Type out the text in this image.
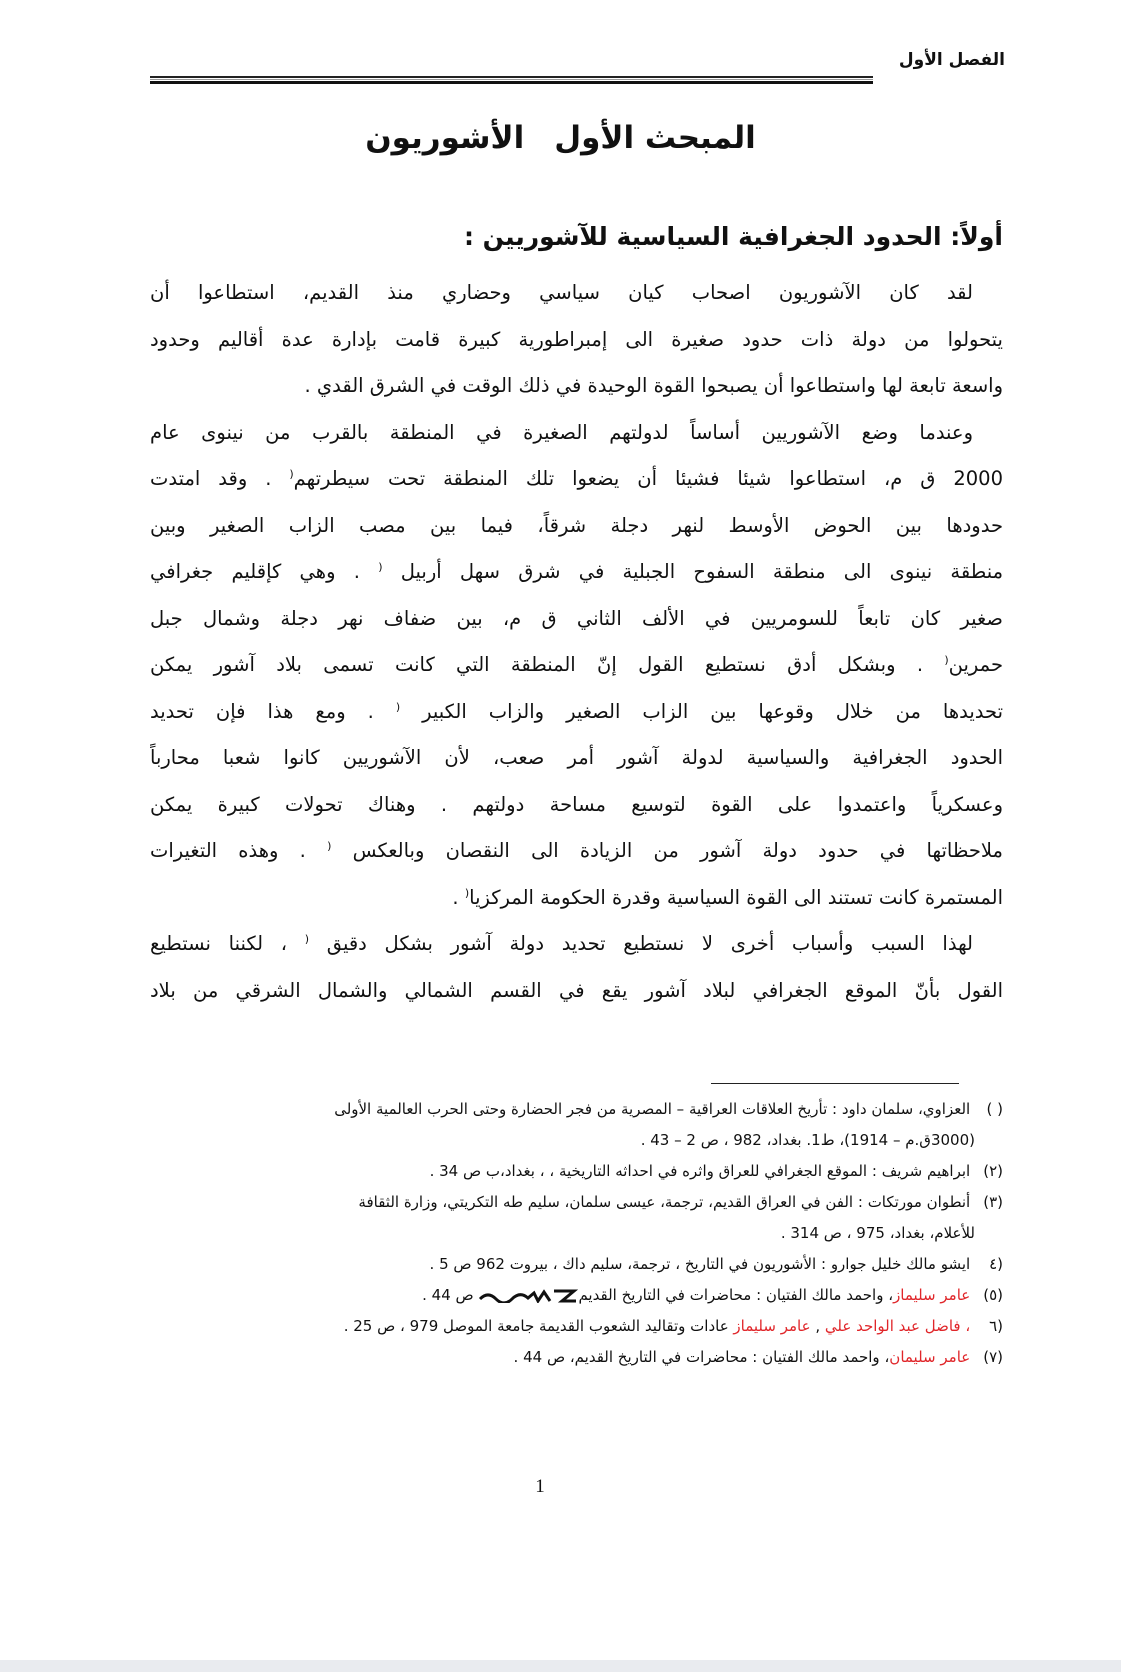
الفصل الأول
المبحث الأولالأشوريون
أولاً: الحدود الجغرافية السياسية للآشوريين :
لقد كان الآشوريون اصحاب كيان سياسي وحضاري منذ القديم، استطاعوا أن
يتحولوا من دولة ذات حدود صغيرة الى إمبراطورية كبيرة قامت بإدارة عدة أقاليم وحدود
واسعة تابعة لها واستطاعوا أن يصبحوا القوة الوحيدة في ذلك الوقت في الشرق القدي .
وعندما وضع الآشوريين أساساً لدولتهم الصغيرة في المنطقة بالقرب من نينوى عام
2000 ق م، استطاعوا شيئا فشيئا أن يضعوا تلك المنطقة تحت سيطرتهم( . وقد امتدت
حدودها بين الحوض الأوسط لنهر دجلة شرقاً، فيما بين مصب الزاب الصغير وبين
منطقة نينوى الى منطقة السفوح الجبلية في شرق سهل أربيل ( . وهي كإقليم جغرافي
صغير كان تابعاً للسومريين في الألف الثاني ق م، بين ضفاف نهر دجلة وشمال جبل
حمرين( . وبشكل أدق نستطيع القول إنّ المنطقة التي كانت تسمى بلاد آشور يمكن
تحديدها من خلال وقوعها بين الزاب الصغير والزاب الكبير ( . ومع هذا فإن تحديد
الحدود الجغرافية والسياسية لدولة آشور أمر صعب، لأن الآشوريين كانوا شعبا محارباً
وعسكرياً واعتمدوا على القوة لتوسيع مساحة دولتهم . وهناك تحولات كبيرة يمكن
ملاحظاتها في حدود دولة آشور من الزيادة الى النقصان وبالعكس ( . وهذه التغيرات
المستمرة كانت تستند الى القوة السياسية وقدرة الحكومة المركزيا( .
لهذا السبب وأسباب أخرى لا نستطيع تحديد دولة آشور بشكل دقيق ( ، لكننا نستطيع
القول بأنّ الموقع الجغرافي لبلاد آشور يقع في القسم الشمالي والشمال الشرقي من بلاد
( ) العزاوي، سلمان داود : تأريخ العلاقات العراقية – المصرية من فجر الحضارة وحتى الحرب العالمية الأولى
(3000ق.م – 1914)، ط1. بغداد، 982 ، ص 2 – 43 .
(٢) ابراهيم شريف : الموقع الجغرافي للعراق واثره في احداثه التاريخية ، ، بغداد،ب ص 34 .
(٣) أنطوان مورتكات : الفن في العراق القديم، ترجمة، عيسى سلمان، سليم طه التكريتي، وزارة الثقافة
للأعلام، بغداد، 975 ، ص 314 .
(٤ ايشو مالك خليل جوارو : الأشوريون في التاريخ ، ترجمة، سليم داك ، بيروت 962 ص 5 .
(٥) عامر سليماز، واحمد مالك الفتيان : محاضرات في التاريخ القديم ص 44 .
(٦ ، فاضل عبد الواحد علي , عامر سليماز عادات وتقاليد الشعوب القديمة جامعة الموصل 979 ، ص 25 .
(٧) عامر سليمان، واحمد مالك الفتيان : محاضرات في التاريخ القديم، ص 44 .
1
